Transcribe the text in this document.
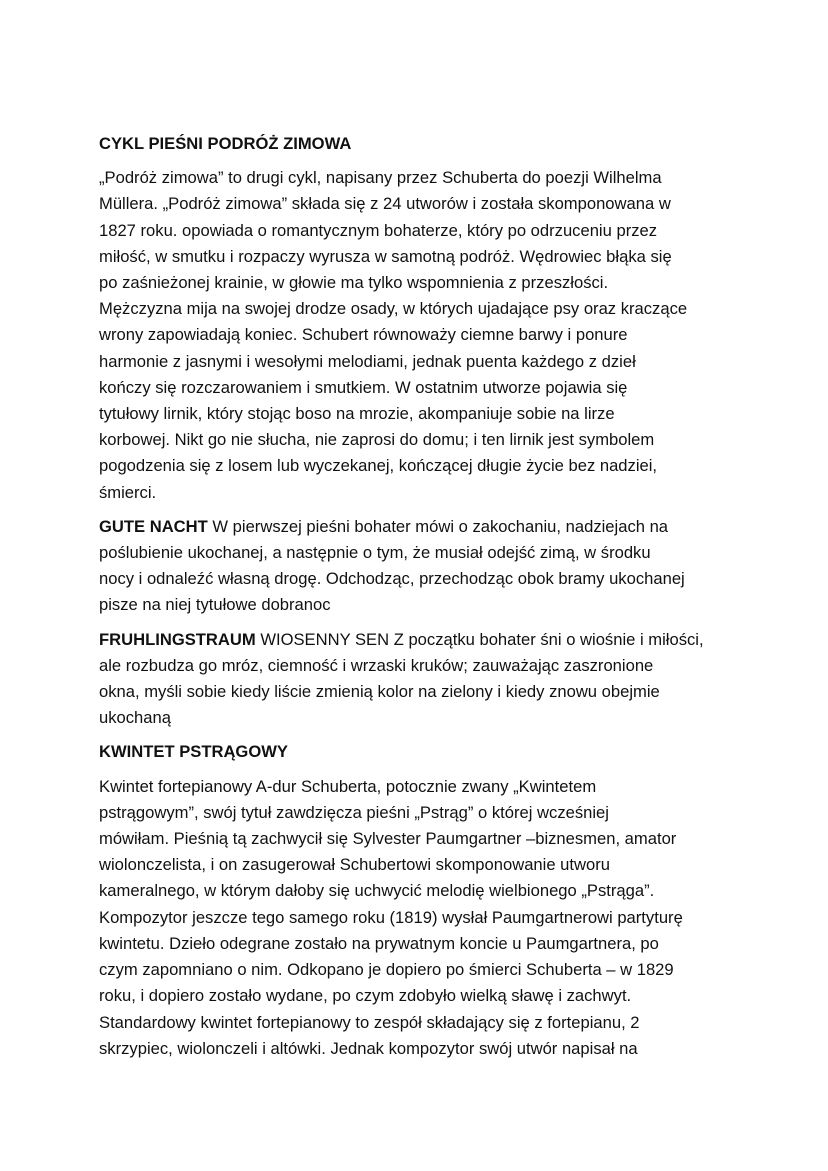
CYKL PIEŚNI PODRÓŻ ZIMOWA
„Podróż zimowa” to drugi cykl, napisany przez Schuberta do poezji Wilhelma
Müllera. „Podróż zimowa” składa się z 24 utworów i została skomponowana w
1827 roku. opowiada o romantycznym bohaterze, który po odrzuceniu przez
miłość, w smutku i rozpaczy wyrusza w samotną podróż. Wędrowiec błąka się
po zaśnieżonej krainie, w głowie ma tylko wspomnienia z przeszłości.
Mężczyzna mija na swojej drodze osady, w których ujadające psy oraz kraczące
wrony zapowiadają koniec. Schubert równoważy ciemne barwy i ponure
harmonie z jasnymi i wesołymi melodiami, jednak puenta każdego z dzieł
kończy się rozczarowaniem i smutkiem. W ostatnim utworze pojawia się
tytułowy lirnik, który stojąc boso na mrozie, akompaniuje sobie na lirze
korbowej. Nikt go nie słucha, nie zaprosi do domu; i ten lirnik jest symbolem
pogodzenia się z losem lub wyczekanej, kończącej długie życie bez nadziei,
śmierci.
GUTE NACHT W pierwszej pieśni bohater mówi o zakochaniu, nadziejach na
poślubienie ukochanej, a następnie o tym, że musiał odejść zimą, w środku
nocy i odnaleźć własną drogę. Odchodząc, przechodząc obok bramy ukochanej
pisze na niej tytułowe dobranoc
FRUHLINGSTRAUM WIOSENNY SEN Z początku bohater śni o wiośnie i miłości,
ale rozbudza go mróz, ciemność i wrzaski kruków; zauważając zaszronione
okna, myśli sobie kiedy liście zmienią kolor na zielony i kiedy znowu obejmie
ukochaną
KWINTET PSTRĄGOWY
Kwintet fortepianowy A-dur Schuberta, potocznie zwany „Kwintetem
pstrągowym”, swój tytuł zawdzięcza pieśni „Pstrąg” o której wcześniej
mówiłam. Pieśnią tą zachwycił się Sylvester Paumgartner –biznesmen, amator
wiolonczelista, i on zasugerował Schubertowi skomponowanie utworu
kameralnego, w którym dałoby się uchwycić melodię wielbionego „Pstrąga”.
Kompozytor jeszcze tego samego roku (1819) wysłał Paumgartnerowi partyturę
kwintetu. Dzieło odegrane zostało na prywatnym koncie u Paumgartnera, po
czym zapomniano o nim. Odkopano je dopiero po śmierci Schuberta – w 1829
roku, i dopiero zostało wydane, po czym zdobyło wielką sławę i zachwyt.
Standardowy kwintet fortepianowy to zespół składający się z fortepianu, 2
skrzypiec, wiolonczeli i altówki. Jednak kompozytor swój utwór napisał na
